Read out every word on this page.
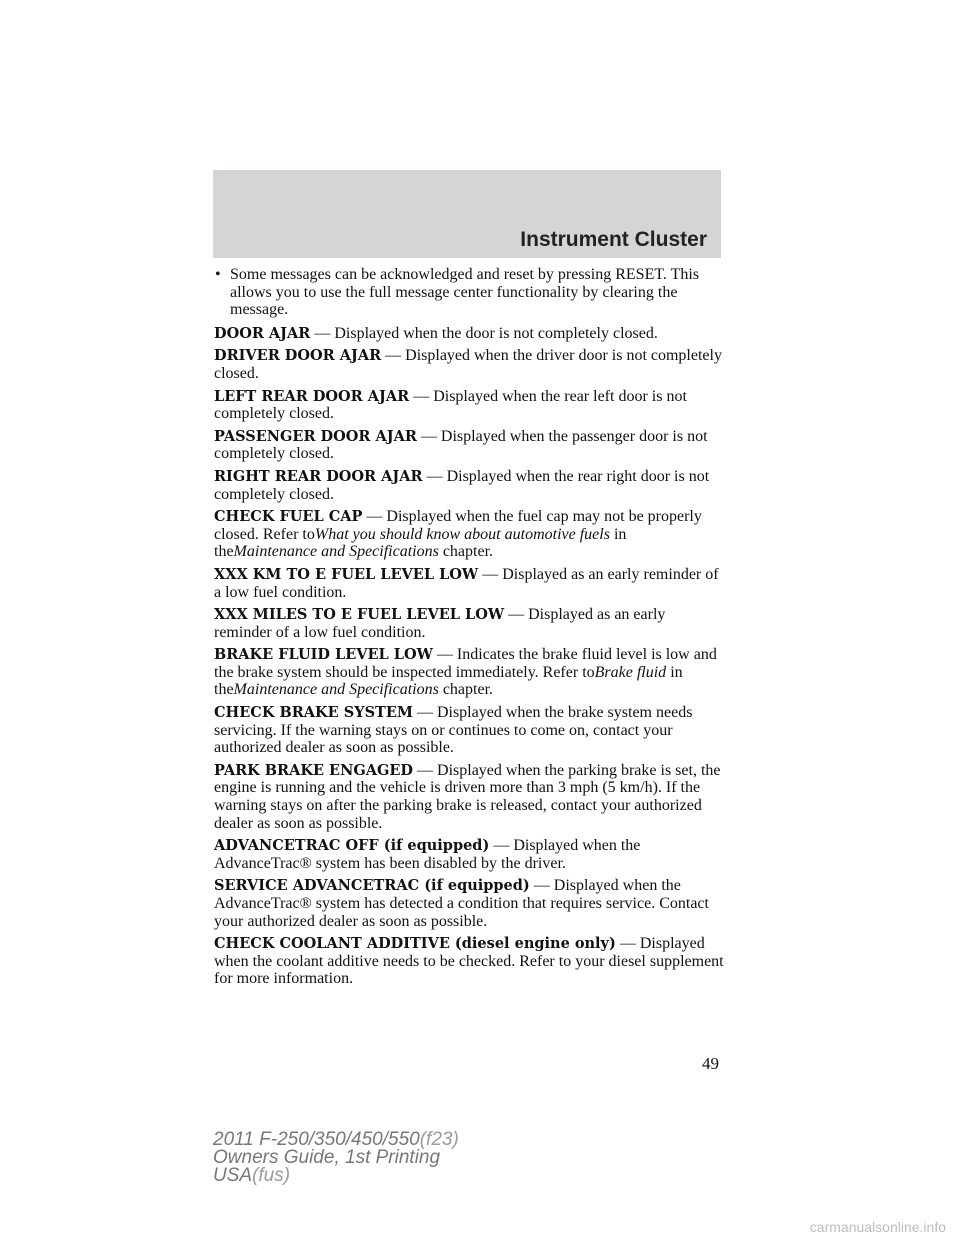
Instrument Cluster

• Some messages can be acknowledged and reset by pressing RESET. This allows you to use the full message center functionality by clearing the message.

DOOR AJAR — Displayed when the door is not completely closed.

DRIVER DOOR AJAR — Displayed when the driver door is not completely closed.

LEFT REAR DOOR AJAR — Displayed when the rear left door is not completely closed.

PASSENGER DOOR AJAR — Displayed when the passenger door is not completely closed.

RIGHT REAR DOOR AJAR — Displayed when the rear right door is not completely closed.

CHECK FUEL CAP — Displayed when the fuel cap may not be properly closed. Refer toWhat you should know about automotive fuels in theMaintenance and Specifications chapter.

XXX KM TO E FUEL LEVEL LOW — Displayed as an early reminder of a low fuel condition.

XXX MILES TO E FUEL LEVEL LOW — Displayed as an early reminder of a low fuel condition.

BRAKE FLUID LEVEL LOW — Indicates the brake fluid level is low and the brake system should be inspected immediately. Refer toBrake fluid in theMaintenance and Specifications chapter.

CHECK BRAKE SYSTEM — Displayed when the brake system needs servicing. If the warning stays on or continues to come on, contact your authorized dealer as soon as possible.

PARK BRAKE ENGAGED — Displayed when the parking brake is set, the engine is running and the vehicle is driven more than 3 mph (5 km/h). If the warning stays on after the parking brake is released, contact your authorized dealer as soon as possible.

ADVANCETRAC OFF (if equipped) — Displayed when the AdvanceTrac® system has been disabled by the driver.

SERVICE ADVANCETRAC (if equipped) — Displayed when the AdvanceTrac® system has detected a condition that requires service. Contact your authorized dealer as soon as possible.

CHECK COOLANT ADDITIVE (diesel engine only) — Displayed when the coolant additive needs to be checked. Refer to your diesel supplement for more information.

49
2011 F-250/350/450/550(f23)
Owners Guide, 1st Printing
USA(fus)
carmanualsonline.info
